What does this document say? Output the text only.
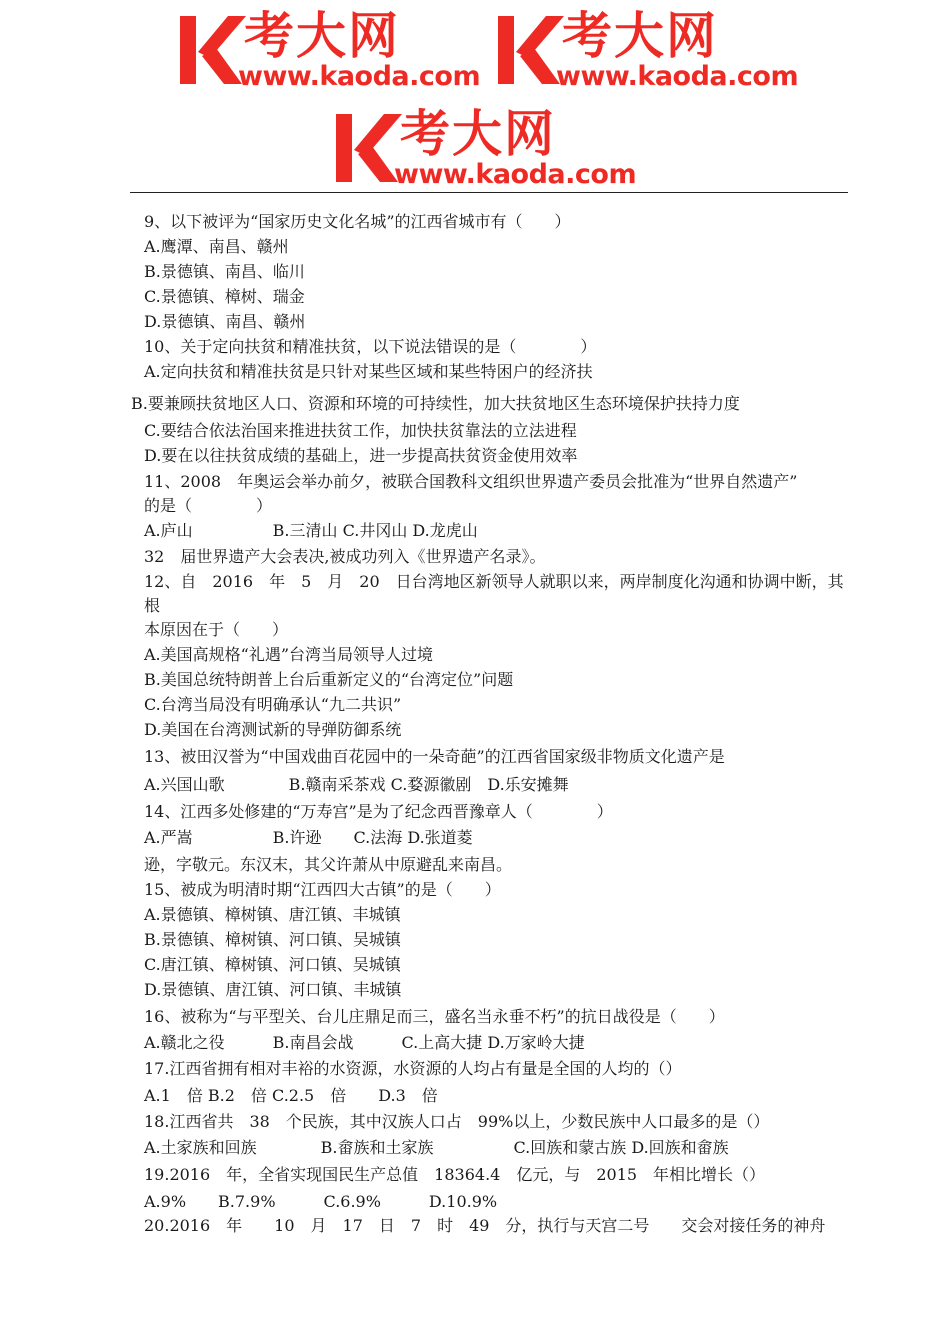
考大网
www.kaoda.com
考大网
www.kaoda.com
考大网
www.kaoda.com
9、以下被评为“国家历史文化名城”的江西省城市有（　　）
A.鹰潭、南昌、赣州
B.景德镇、南昌、临川
C.景德镇、樟树、瑞金
D.景德镇、南昌、赣州
10、关于定向扶贫和精准扶贫，以下说法错误的是（　　　　）
A.定向扶贫和精准扶贫是只针对某些区域和某些特困户的经济扶
B.要兼顾扶贫地区人口、资源和环境的可持续性，加大扶贫地区生态环境保护扶持力度
C.要结合依法治国来推进扶贫工作，加快扶贫靠法的立法进程
D.要在以往扶贫成绩的基础上，进一步提高扶贫资金使用效率
11、2008　年奥运会举办前夕，被联合国教科文组织世界遗产委员会批准为“世界自然遗产”
的是（　　　　）
A.庐山　　　　　B.三清山 C.井冈山 D.龙虎山
32　届世界遗产大会表决,被成功列入《世界遗产名录》。
12、自　2016　年　5　月　20　日台湾地区新领导人就职以来，两岸制度化沟通和协调中断，其
根
本原因在于（　　）
A.美国高规格“礼遇”台湾当局领导人过境
B.美国总统特朗普上台后重新定义的“台湾定位”问题
C.台湾当局没有明确承认“九二共识”
D.美国在台湾测试新的导弹防御系统
13、被田汉誉为“中国戏曲百花园中的一朵奇葩”的江西省国家级非物质文化遗产是
A.兴国山歌　　　　B.赣南采茶戏 C.婺源徽剧　D.乐安摊舞
14、江西多处修建的“万寿宫”是为了纪念西晋豫章人（　　　　）
A.严嵩　　　　　B.许逊　　C.法海 D.张道菱
逊，字敬元。东汉末，其父许萧从中原避乱来南昌。
15、被成为明清时期“江西四大古镇”的是（　　）
A.景德镇、樟树镇、唐江镇、丰城镇
B.景德镇、樟树镇、河口镇、吴城镇
C.唐江镇、樟树镇、河口镇、吴城镇
D.景德镇、唐江镇、河口镇、丰城镇
16、被称为“与平型关、台儿庄鼎足而三，盛名当永垂不朽”的抗日战役是（　　）
A.赣北之役　　　B.南昌会战　　　C.上高大捷 D.万家岭大捷
17.江西省拥有相对丰裕的水资源，水资源的人均占有量是全国的人均的（）
A.1　倍 B.2　倍 C.2.5　倍　　D.3　倍
18.江西省共　38　个民族，其中汉族人口占　99%以上，少数民族中人口最多的是（）
A.土家族和回族　　　　B.畲族和土家族　　　　　C.回族和蒙古族 D.回族和畲族
19.2016　年，全省实现国民生产总值　18364.4　亿元，与　2015　年相比增长（）
A.9%　　B.7.9%　　　C.6.9%　　　D.10.9%
20.2016　年　　10　月　17　日　7　时　49　分，执行与天宫二号　　交会对接任务的神舟
